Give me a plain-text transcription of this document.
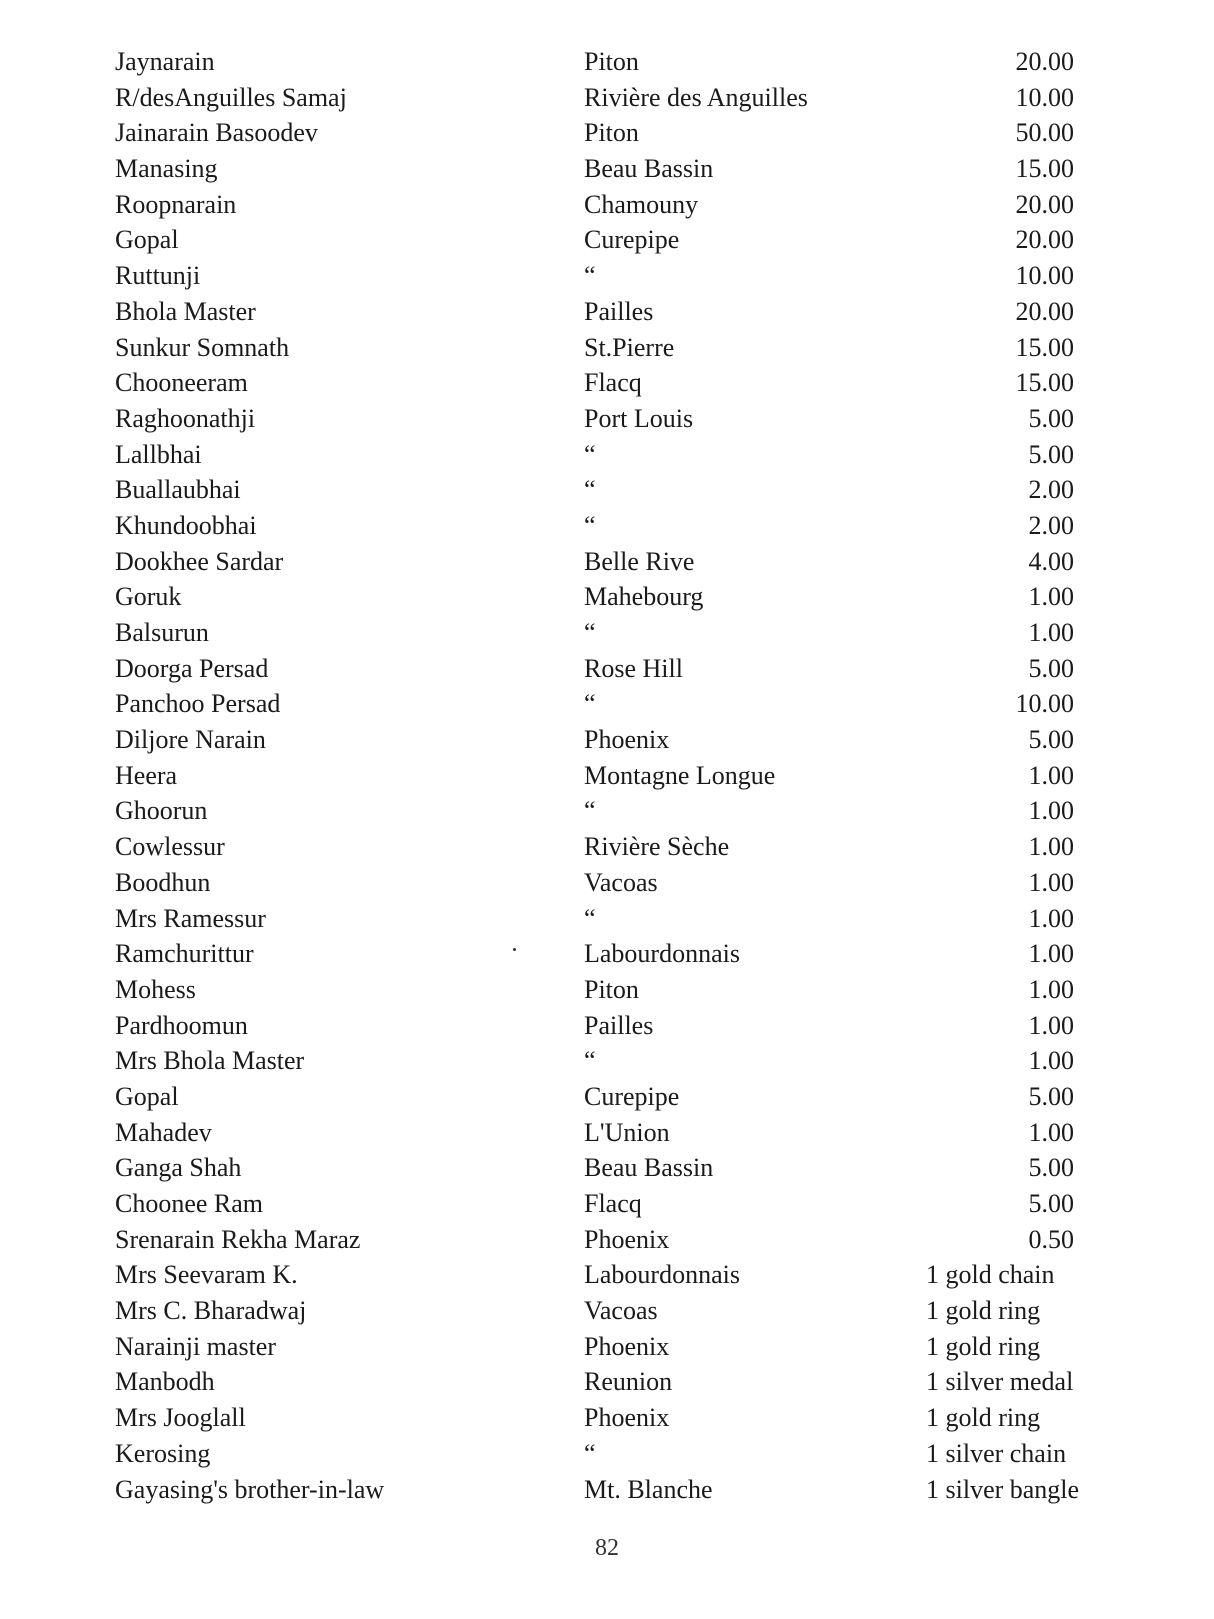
Jaynarain	Piton	20.00
R/desAnguilles Samaj	Rivière des Anguilles	10.00
Jainarain Basoodev	Piton	50.00
Manasing	Beau Bassin	15.00
Roopnarain	Chamouny	20.00
Gopal	Curepipe	20.00
Ruttunji	“	10.00
Bhola Master	Pailles	20.00
Sunkur Somnath	St.Pierre	15.00
Chooneeram	Flacq	15.00
Raghoonathji	Port Louis	5.00
Lallbhai	“	5.00
Buallaubhai	“	2.00
Khundoobhai	“	2.00
Dookhee Sardar	Belle Rive	4.00
Goruk	Mahebourg	1.00
Balsurun	“	1.00
Doorga Persad	Rose Hill	5.00
Panchoo Persad	“	10.00
Diljore Narain	Phoenix	5.00
Heera	Montagne Longue	1.00
Ghoorun	“	1.00
Cowlessur	Rivière Sèche	1.00
Boodhun	Vacoas	1.00
Mrs Ramessur	“	1.00
Ramchurittur	Labourdonnais	1.00
Mohess	Piton	1.00
Pardhoomun	Pailles	1.00
Mrs Bhola Master	“	1.00
Gopal	Curepipe	5.00
Mahadev	L'Union	1.00
Ganga Shah	Beau Bassin	5.00
Choonee Ram	Flacq	5.00
Srenarain Rekha Maraz	Phoenix	0.50
Mrs Seevaram K.	Labourdonnais	1 gold chain
Mrs C. Bharadwaj	Vacoas	1 gold ring
Narainji master	Phoenix	1 gold ring
Manbodh	Reunion	1 silver medal
Mrs Jooglall	Phoenix	1 gold ring
Kerosing	“	1 silver chain
Gayasing's brother-in-law	Mt. Blanche	1 silver bangle
82
